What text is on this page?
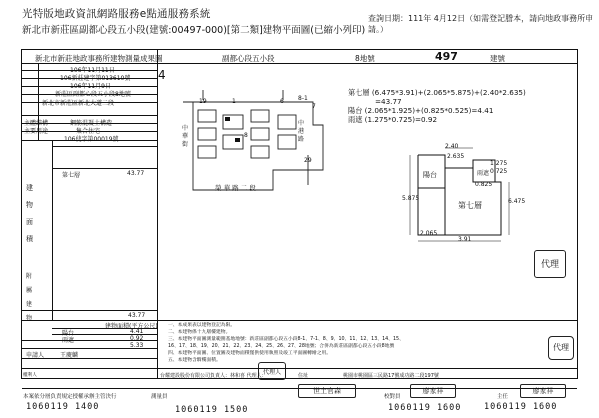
光特版地政資訊網路服務e點通服務系統
新北市新莊區副都心段五小段(建號:00497-000)[第二類]建物平面圖(已縮小列印)
查詢日期：111年 4月12日（如需登記謄本，請向地政事務所申請。）
新北市新莊地政事務所建物測量成果圖	副都心段五小段	8地號	497	建號
106年11月11日
106新莊建字第013610號
106年11月9日
新莊區副都心段五小段8地號
新北市新莊區新北大道二段
主體結構	鋼筋混凝土構造
主要用途	集合住宅
106使字第00019號
第七層	43.77
建　物　面　積
43.77
附　屬　建　物
建物面積(平方公尺)
陽台	4.41
雨遮	0.92
5.33
申請人	王慶麟
4
19	1	6 8-1
7
8
29
中 華 街
中 港 路
榮 華 路 二 段
第七層 (6.475*3.91)+(2.065*5.875)+(2.40*2.635)
=43.77
陽台 (2.065*1.925)+(0.825*0.525)=4.41
雨遮 (1.275*0.725)=0.92
陽台	雨遮
第七層
2.40
2.635
1.275
0.725
0.825
5.875	6.475
2.065
3.91
一、本成果表以建物登記為限。
二、本建物係十九層樓建物。
三、本建物平面圖測量範圍基地地號：新莊區副都心段五小段8-1、7-1、8、9、10、11、12、13、14、15、
16、17、18、19、20、21、22、23、24、25、26、27、28地號；合併為新莊區副都心段五小段8地號
四、本建物平面圖、位置圖及建物面積僅供使用執照及竣工平面圖轉繪之用。
五、本建物含騎樓面積。
代理
代理
代理人
台耀建設股份有限公司負責人：林和喜 代理人：	住址	桃園市桃園區三民路17號成功路二段197號
權利人
本案依分層負責規定授權承辦主管決行	測量員
世土官森
校對員
廖家祥
主任
廖家祥
1060119 1400	1060119 1500	1060119 1600	1060119 1600
